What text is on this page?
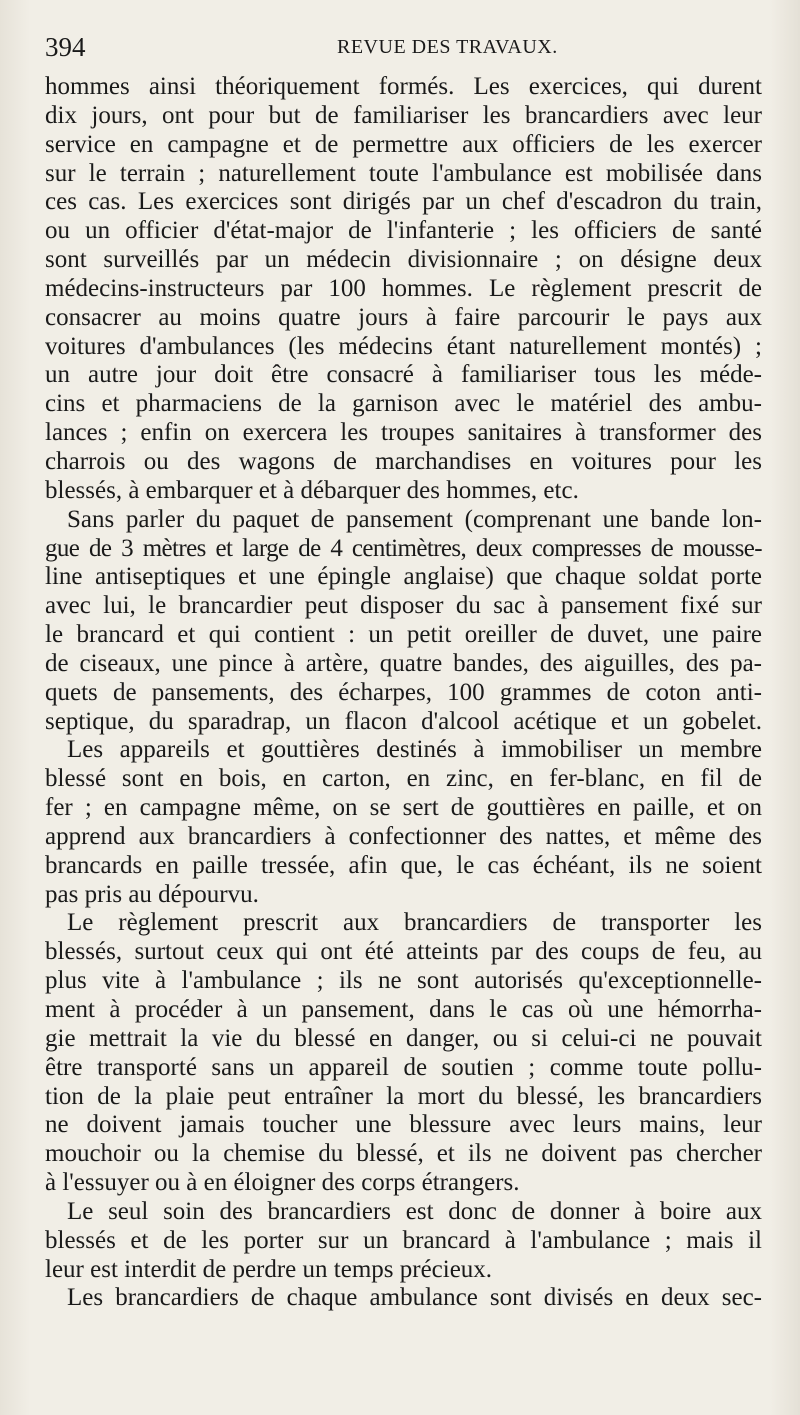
394	REVUE DES TRAVAUX.
hommes ainsi théoriquement formés. Les exercices, qui durent
dix jours, ont pour but de familiariser les brancardiers avec leur
service en campagne et de permettre aux officiers de les exercer
sur le terrain ; naturellement toute l'ambulance est mobilisée dans
ces cas. Les exercices sont dirigés par un chef d'escadron du train,
ou un officier d'état-major de l'infanterie ; les officiers de santé
sont surveillés par un médecin divisionnaire ; on désigne deux
médecins-instructeurs par 100 hommes. Le règlement prescrit de
consacrer au moins quatre jours à faire parcourir le pays aux
voitures d'ambulances (les médecins étant naturellement montés) ;
un autre jour doit être consacré à familiariser tous les méde-
cins et pharmaciens de la garnison avec le matériel des ambu-
lances ; enfin on exercera les troupes sanitaires à transformer des
charrois ou des wagons de marchandises en voitures pour les
blessés, à embarquer et à débarquer des hommes, etc.
Sans parler du paquet de pansement (comprenant une bande lon-
gue de 3 mètres et large de 4 centimètres, deux compresses de mousse-
line antiseptiques et une épingle anglaise) que chaque soldat porte
avec lui, le brancardier peut disposer du sac à pansement fixé sur
le brancard et qui contient : un petit oreiller de duvet, une paire
de ciseaux, une pince à artère, quatre bandes, des aiguilles, des pa-
quets de pansements, des écharpes, 100 grammes de coton anti-
septique, du sparadrap, un flacon d'alcool acétique et un gobelet.
Les appareils et gouttières destinés à immobiliser un membre
blessé sont en bois, en carton, en zinc, en fer-blanc, en fil de
fer ; en campagne même, on se sert de gouttières en paille, et on
apprend aux brancardiers à confectionner des nattes, et même des
brancards en paille tressée, afin que, le cas échéant, ils ne soient
pas pris au dépourvu.
Le règlement prescrit aux brancardiers de transporter les
blessés, surtout ceux qui ont été atteints par des coups de feu, au
plus vite à l'ambulance ; ils ne sont autorisés qu'exceptionnelle-
ment à procéder à un pansement, dans le cas où une hémorrha-
gie mettrait la vie du blessé en danger, ou si celui-ci ne pouvait
être transporté sans un appareil de soutien ; comme toute pollu-
tion de la plaie peut entraîner la mort du blessé, les brancardiers
ne doivent jamais toucher une blessure avec leurs mains, leur
mouchoir ou la chemise du blessé, et ils ne doivent pas chercher
à l'essuyer ou à en éloigner des corps étrangers.
Le seul soin des brancardiers est donc de donner à boire aux
blessés et de les porter sur un brancard à l'ambulance ; mais il
leur est interdit de perdre un temps précieux.
Les brancardiers de chaque ambulance sont divisés en deux sec-
